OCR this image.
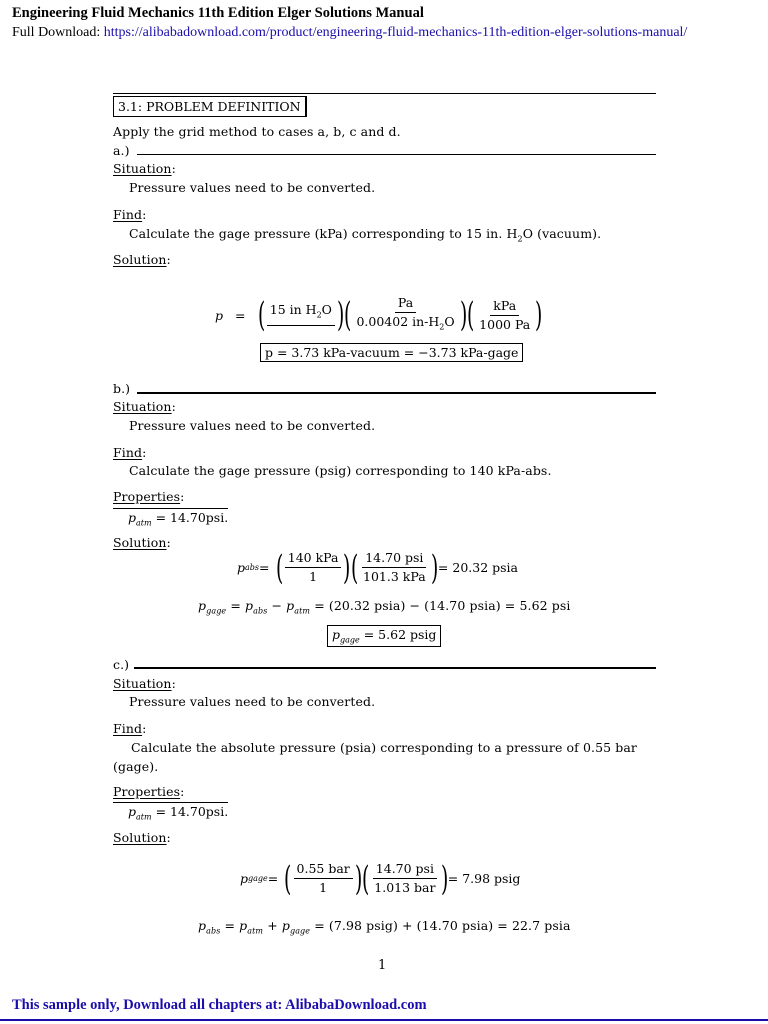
Engineering Fluid Mechanics 11th Edition Elger Solutions Manual
Full Download: https://alibabadownload.com/product/engineering-fluid-mechanics-11th-edition-elger-solutions-manual/
3.1: PROBLEM DEFINITION
Apply the grid method to cases a, b, c and d.
a.)
Situation:
Pressure values need to be converted.
Find:
Calculate the gage pressure (kPa) corresponding to 15 in. $H_2O$ (vacuum).
Solution:
p = ( 15 in $H_2O$ ) ( $\frac{Pa}{0.00402 in-H_2O}$ ) ( $\frac{\text{kPa}}{1000 Pa}$ )
p = 3.73 kPa-vacuum = −3.73 kPa-gage
b.)
Situation:
Pressure values need to be converted.
Find:
Calculate the gage pressure (psig) corresponding to 140 kPa-abs.
Properties:
$p_{atm} = 14.70psi$.
Solution:
p abs = ( $\frac{\text{140 kPa}}{1}$ ) ( $\frac{\text{14.70 psi}}{\text{101.3 kPa}}$ ) = 20.32 psia
$p_{gage} = p_{abs} - p_{atm} = (20.32$ psia) − (14.70 psia) = 5.62 psi
$p_{gage} = 5.62$ psig
c.)
Situation:
Pressure values need to be converted.
Find:
Calculate the absolute pressure (psia) corresponding to a pressure of 0.55 bar
(gage).
Properties:
$p_{atm} = 14.70psi$.
Solution:
p gage = ( $\frac{\text{0.55 bar}}{1}$ ) ( $\frac{\text{14.70 psi}}{\text{1.013 bar}}$ ) = 7.98 psig
$p_{abs} = p_{atm} + p_{gage} = (7.98$ psig) + (14.70 psia) = 22.7 psia
1
This sample only, Download all chapters at: AlibabaDownload.com
